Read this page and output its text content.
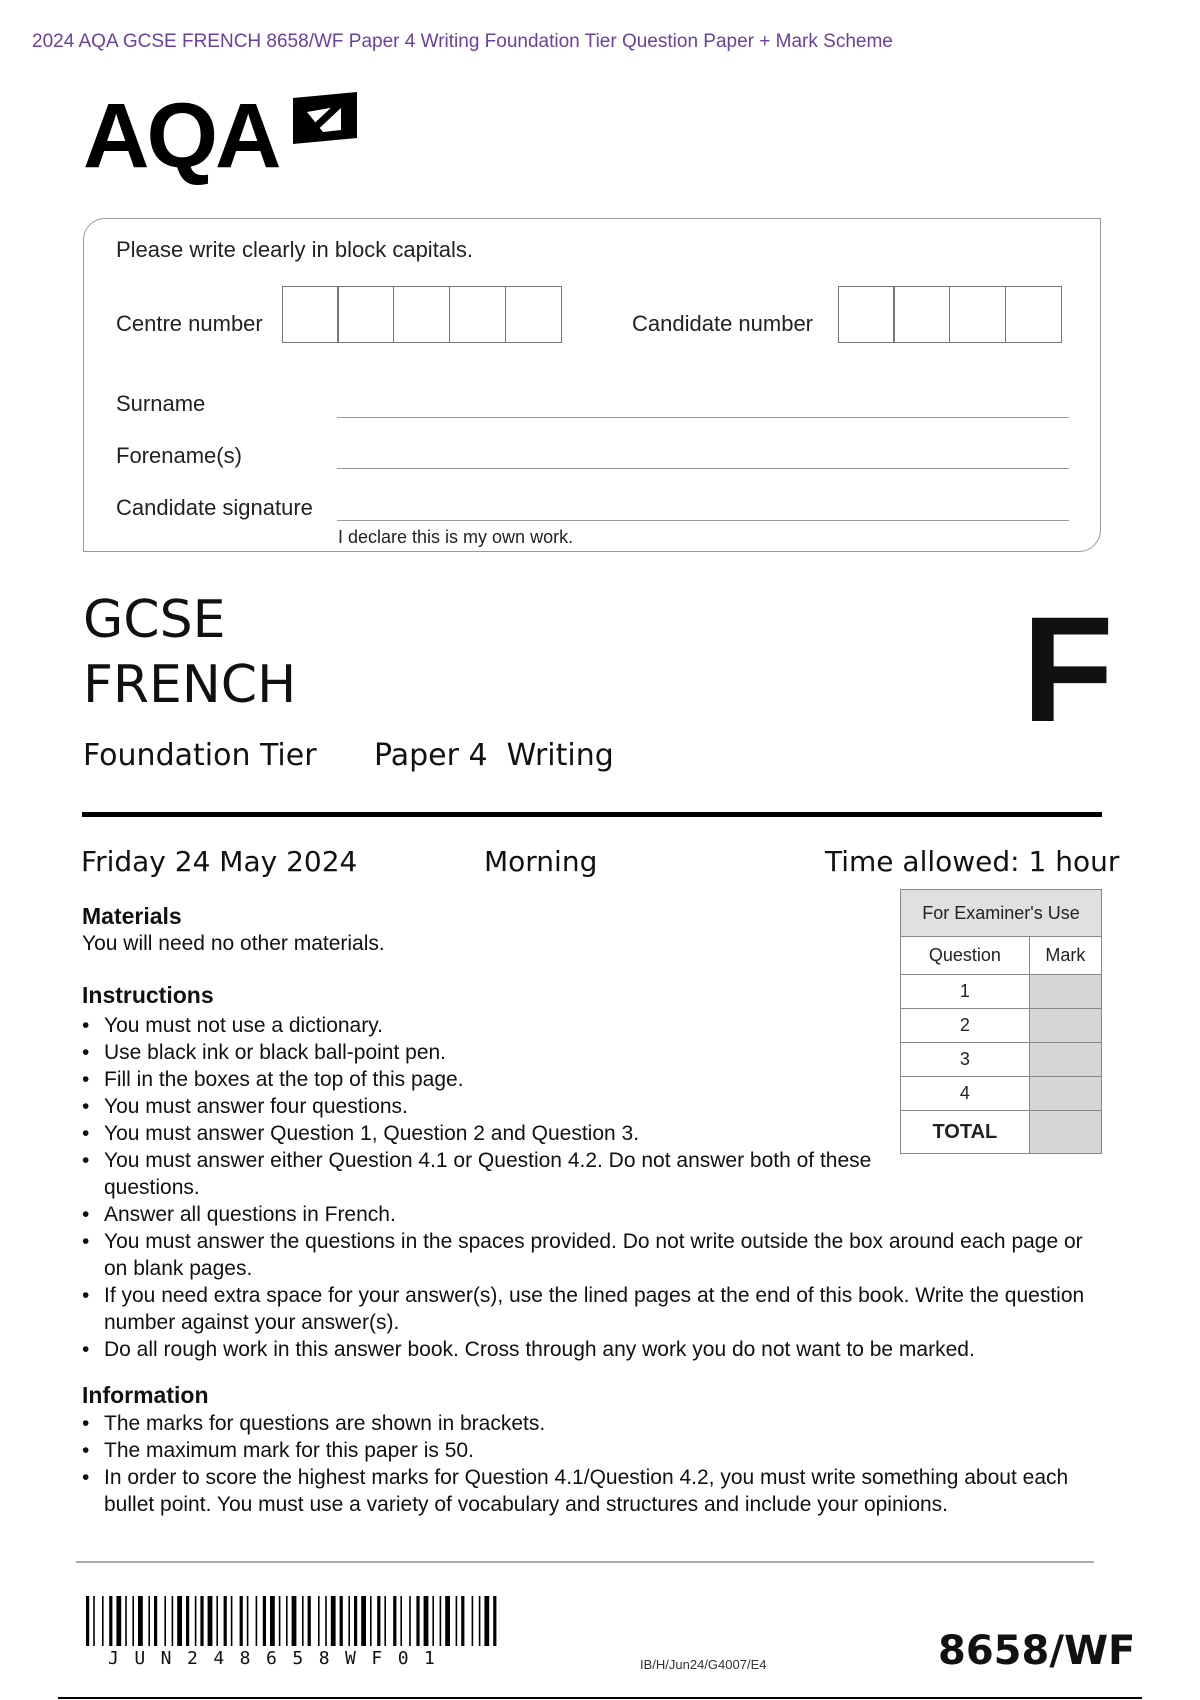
2024 AQA GCSE FRENCH 8658/WF Paper 4 Writing Foundation Tier Question Paper + Mark Scheme
AQA
Please write clearly in block capitals.
Centre number	Candidate number
Surname
Forename(s)
Candidate signature
I declare this is my own work.
GCSE
FRENCH
Foundation Tier Paper 4  Writing
F
Friday 24 May 2024	Morning	Time allowed: 1 hour
Materials
You will need no other materials.
Instructions
• You must not use a dictionary.
• Use black ink or black ball-point pen.
• Fill in the boxes at the top of this page.
• You must answer four questions.
• You must answer Question 1, Question 2 and Question 3.
• You must answer either Question 4.1 or Question 4.2. Do not answer both of these questions.
• Answer all questions in French.
• You must answer the questions in the spaces provided. Do not write outside the box around each page or on blank pages.
• If you need extra space for your answer(s), use the lined pages at the end of this book. Write the question number against your answer(s).
• Do all rough work in this answer book. Cross through any work you do not want to be marked.
Information
• The marks for questions are shown in brackets.
• The maximum mark for this paper is 50.
• In order to score the highest marks for Question 4.1/Question 4.2, you must write something about each bullet point. You must use a variety of vocabulary and structures and include your opinions.
For Examiner's Use	
Question	Mark
1	
2	
3	
4	
TOTAL	
JUN248658WF01	IB/H/Jun24/G4007/E4	8658/WF
